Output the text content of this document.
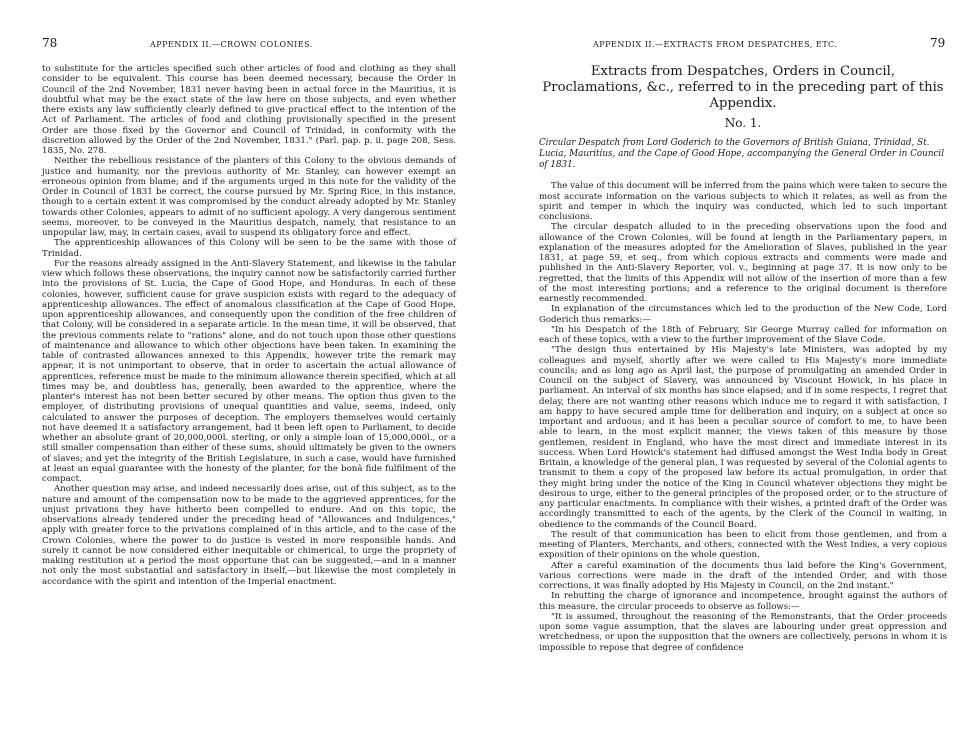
78	APPENDIX II.—CROWN COLONIES.

to substitute for the articles specified such other articles of food and clothing as they shall consider to be equivalent. This course has been deemed necessary, because the Order in Council of the 2nd November, 1831 never having been in actual force in the Mauritius, it is doubtful what may be the exact state of the law here on those subjects, and even whether there exists any law sufficiently clearly defined to give practical effect to the intention of the Act of Parliament. The articles of food and clothing provisionally specified in the present Order are those fixed by the Governor and Council of Trinidad, in conformity with the discretion allowed by the Order of the 2nd November, 1831." (Parl. pap. p. ii. page 208, Sess. 1835, No. 278.

Neither the rebellious resistance of the planters of this Colony to the obvious demands of justice and humanity, nor the previous authority of Mr. Stanley, can however exempt an erroneous opinion from blame; and if the arguments urged in this note for the validity of the Order in Council of 1831 be correct, the course pursued by Mr. Spring Rice, in this instance, though to a certain extent it was compromised by the conduct already adopted by Mr. Stanley towards other Colonies, appears to admit of no sufficient apology. A very dangerous sentiment seems, moreover, to be conveyed in the Mauritius despatch, namely, that resistance to an unpopular law, may, in certain cases, avail to suspend its obligatory force and effect.

The apprenticeship allowances of this Colony will be seen to be the same with those of Trinidad.

For the reasons already assigned in the Anti-Slavery Statement, and likewise in the tabular view which follows these observations, the inquiry cannot now be satisfactorily carried further into the provisions of St. Lucia, the Cape of Good Hope, and Honduras. In each of these colonies, however, sufficient cause for grave suspicion exists with regard to the adequacy of apprenticeship allowances. The effect of anomalous classification at the Cape of Good Hope, upon apprenticeship allowances, and consequently upon the condition of the free children of that Colony, will be considered in a separate article. In the mean time, it will be observed, that the previous comments relate to "rations" alone, and do not touch upon those other questions of maintenance and allowance to which other objections have been taken. In examining the table of contrasted allowances annexed to this Appendix, however trite the remark may appear, it is not unimportant to observe, that in order to ascertain the actual allowance of apprentices, reference must be made to the minimum allowance therein specified, which at all times may be, and doubtless has, generally, been awarded to the apprentice, where the planter's interest has not been better secured by other means. The option thus given to the employer, of distributing provisions of unequal quantities and value, seems, indeed, only calculated to answer the purposes of deception. The employers themselves would certainly not have deemed it a satisfactory arrangement, had it been left open to Parliament, to decide whether an absolute grant of 20,000,000l. sterling, or only a simple loan of 15,000,000l., or a still smaller compensation than either of these sums, should ultimately be given to the owners of slaves; and yet the integrity of the British Legislature, in such a case, would have furnished at least an equal guarantee with the honesty of the planter, for the bonâ fide fulfilment of the compact.

Another question may arise, and indeed necessarily does arise, out of this subject, as to the nature and amount of the compensation now to be made to the aggrieved apprentices, for the unjust privations they have hitherto been compelled to endure. And on this topic, the observations already tendered under the preceding head of "Allowances and Indulgences," apply with greater force to the privations complained of in this article, and to the case of the Crown Colonies, where the power to do justice is vested in more responsible hands. And surely it cannot be now considered either inequitable or chimerical, to urge the propriety of making restitution at a period the most opportune that can be suggested,—and in a manner not only the most substantial and satisfactory in itself,—but likewise the most completely in accordance with the spirit and intention of the Imperial enactment.

APPENDIX II.—EXTRACTS FROM DESPATCHES, ETC.	79
Extracts from Despatches, Orders in Council, Proclamations, &c., referred to in the preceding part of this Appendix.
No. 1.
Circular Despatch from Lord Goderich to the Governors of British Guiana, Trinidad, St. Lucia, Mauritius, and the Cape of Good Hope, accompanying the General Order in Council of 1831.

The value of this document will be inferred from the pains which were taken to secure the most accurate information on the various subjects to which it relates, as well as from the spirit and temper in which the inquiry was conducted, which led to such important conclusions.

The circular despatch alluded to in the preceding observations upon the food and allowance of the Crown Colonies, will be found at length in the Parliamentary papers, in explanation of the measures adopted for the Amelioration of Slaves, published in the year 1831, at page 59, et seq., from which copious extracts and comments were made and published in the Anti-Slavery Reporter, vol. v., beginning at page 37. It is now only to be regretted, that the limits of this Appendix will not allow of the insertion of more than a few of the most interesting portions; and a reference to the original document is therefore earnestly recommended.

In explanation of the circumstances which led to the production of the New Code, Lord Goderich thus remarks:—

"In his Despatch of the 18th of February, Sir George Murray called for information on each of these topics, with a view to the further improvement of the Slave Code.

"The design thus entertained by His Majesty's late Ministers, was adopted by my colleagues and myself, shortly after we were called to His Majesty's more immediate councils; and as long ago as April last, the purpose of promulgating an amended Order in Council on the subject of Slavery, was announced by Viscount Howick, in his place in parliament. An interval of six months has since elapsed; and if in some respects, I regret that delay, there are not wanting other reasons which induce me to regard it with satisfaction, I am happy to have secured ample time for deliberation and inquiry, on a subject at once so important and arduous; and it has been a peculiar source of comfort to me, to have been able to learn, in the most explicit manner, the views taken of this measure by those gentlemen, resident in England, who have the most direct and immediate interest in its success. When Lord Howick's statement had diffused amongst the West India body in Great Britain, a knowledge of the general plan, I was requested by several of the Colonial agents to transmit to them a copy of the proposed law before its actual promulgation, in order that they might bring under the notice of the King in Council whatever objections they might be desirous to urge, either to the general principles of the proposed order, or to the structure of any particular enactments. In compliance with their wishes, a printed draft of the Order was accordingly transmitted to each of the agents, by the Clerk of the Council in waiting, in obedience to the commands of the Council Board.

The result of that communication has been to elicit from those gentlemen, and from a meeting of Planters, Merchants, and others, connected with the West Indies, a very copious exposition of their opinions on the whole question.

After a careful examination of the documents thus laid before the King's Government, various corrections were made in the draft of the intended Order, and with those corrections, it was finally adopted by His Majesty in Council, on the 2nd instant."

In rebutting the charge of ignorance and incompetence, brought against the authors of this measure, the circular proceeds to observe as follows:—

"It is assumed, throughout the reasoning of the Remonstrants, that the Order proceeds upon some vague assumption, that the slaves are labouring under great oppression and wretchedness, or upon the supposition that the owners are collectively, persons in whom it is impossible to repose that degree of confidence
